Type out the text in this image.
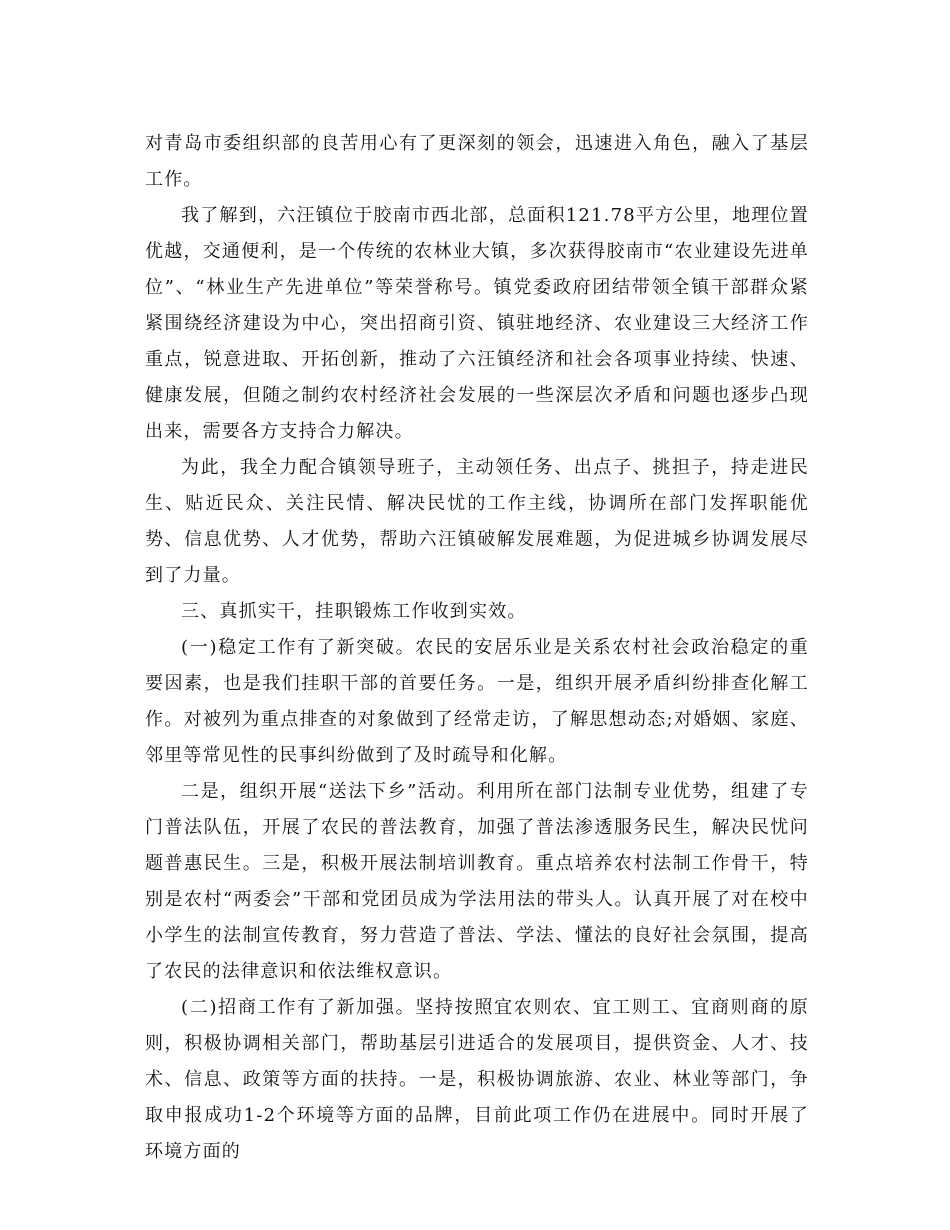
对青岛市委组织部的良苦用心有了更深刻的领会，迅速进入角色，融入了基层工作。

我了解到，六汪镇位于胶南市西北部，总面积121.78平方公里，地理位置优越，交通便利，是一个传统的农林业大镇，多次获得胶南市“农业建设先进单位”、“林业生产先进单位”等荣誉称号。镇党委政府团结带领全镇干部群众紧紧围绕经济建设为中心，突出招商引资、镇驻地经济、农业建设三大经济工作重点，锐意进取、开拓创新，推动了六汪镇经济和社会各项事业持续、快速、健康发展，但随之制约农村经济社会发展的一些深层次矛盾和问题也逐步凸现出来，需要各方支持合力解决。

为此，我全力配合镇领导班子，主动领任务、出点子、挑担子，持走进民生、贴近民众、关注民情、解决民忧的工作主线，协调所在部门发挥职能优势、信息优势、人才优势，帮助六汪镇破解发展难题，为促进城乡协调发展尽到了力量。

三、真抓实干，挂职锻炼工作收到实效。

(一)稳定工作有了新突破。农民的安居乐业是关系农村社会政治稳定的重要因素，也是我们挂职干部的首要任务。一是，组织开展矛盾纠纷排查化解工作。对被列为重点排查的对象做到了经常走访，了解思想动态;对婚姻、家庭、邻里等常见性的民事纠纷做到了及时疏导和化解。

二是，组织开展“送法下乡”活动。利用所在部门法制专业优势，组建了专门普法队伍，开展了农民的普法教育，加强了普法渗透服务民生，解决民忧问题普惠民生。三是，积极开展法制培训教育。重点培养农村法制工作骨干，特别是农村“两委会”干部和党团员成为学法用法的带头人。认真开展了对在校中小学生的法制宣传教育，努力营造了普法、学法、懂法的良好社会氛围，提高了农民的法律意识和依法维权意识。

(二)招商工作有了新加强。坚持按照宜农则农、宜工则工、宜商则商的原则，积极协调相关部门，帮助基层引进适合的发展项目，提供资金、人才、技术、信息、政策等方面的扶持。一是，积极协调旅游、农业、林业等部门，争取申报成功1-2个环境等方面的品牌，目前此项工作仍在进展中。同时开展了环境方面的
